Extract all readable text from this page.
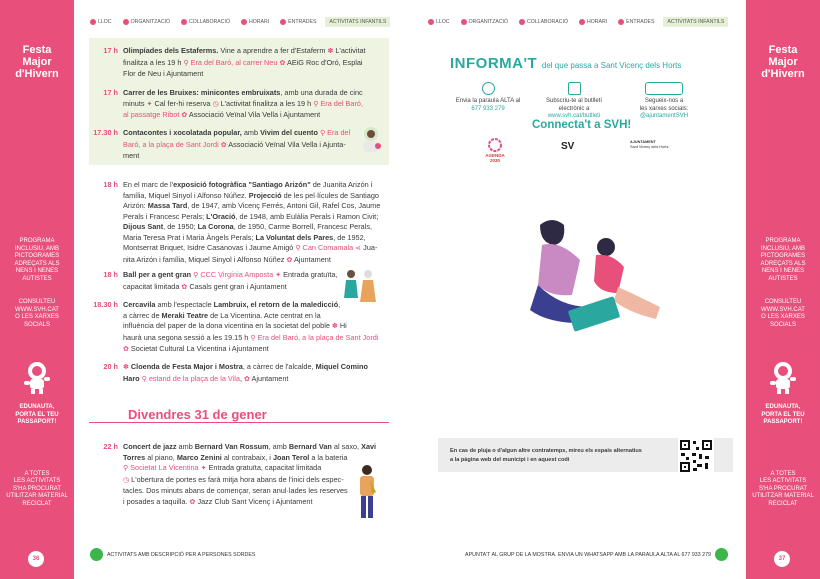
Festa
Major
d'Hivern
PROGRAMA
INCLUSIU, AMB
PICTOGRAMES
ADREÇATS ALS
NENS I NENES
AUTISTES
CONSULTEU
WWW.SVH.CAT
O LES XARXES
SOCIALS
EDUNAUTA,
PORTA EL TEU
PASSAPORT!
A TOTES
LES ACTIVITATS
S'HA PROCURAT
UTILITZAR MATERIAL
RECICLAT
36
LLOC	ORGANITZACIÓ	COLLABORACIÓ	HORARI	ENTRADES	ACTIVITATS INFANTILS
17 h Olimpíades dels Estaferms. Vine a aprendre a fer d'Estaferm ✽ L'activitat
finalitza a les 19 h ⚲ Era del Baró, al carrer Neu ✿ AEiG Roc d'Oró, Esplai
Flor de Neu i Ajuntament
17 h Carrer de les Bruixes: minicontes embruixats, amb una durada de cinc
minuts ✦ Cal fer-hi reserva ◷ L'activitat finalitza a les 19 h ⚲ Era del Baró,
al passatge Ribot ✿ Associació Veïnal Vila Vella i Ajuntament
17.30 h Contacontes i xocolatada popular, amb Vivim del cuento ⚲ Era del
Baró, a la plaça de Sant Jordi ✿ Associació Veïnal Vila Vella i Ajunta-
ment
18 h En el marc de l'exposició fotogràfica "Santiago Arizón" de Juanita Arizón i
família, Miquel Sinyol i Alfonso Núñez. Projecció de les pel·lícules de Santiago
Arizón: Massa Tard, de 1947, amb Vicenç Ferrés, Antoni Gil, Rafel Cos, Jaume
Perals i Francesc Perals; L'Oració, de 1948, amb Eulàlia Perals i Ramon Civit;
Dijous Sant, de 1950; La Corona, de 1950, Carme Borrell, Francesc Perals,
Maria Teresa Prat i Maria Àngels Perals; La Voluntat dels Pares, de 1952,
Montserrat Briquet, Isidre Casanovas i Jaume Amigó ⚲ Can Comamala ⋖ Jua-
nita Arizón i família, Miquel Sinyol i Alfonso Núñez ✿ Ajuntament
18 h Ball per a gent gran ⚲ CCC Virgínia Amposta ✦ Entrada gratuïta,
capacitat limitada ✿ Casals gent gran i Ajuntament
18.30 h Cercavila amb l'espectacle Lambruix, el retorn de la maledicció,
a càrrec de Meraki Teatre de La Vicentina. Acte centrat en la
influència del paper de la dona vicentina en la societat del poble ✽ Hi
haurà una segona sessió a les 19.15 h ⚲ Era del Baró, a la plaça de Sant Jordi
✿ Societat Cultural La Vicentina i Ajuntament
20 h ✽ Cloenda de Festa Major i Mostra, a càrrec de l'alcalde, Miquel Comino
Haro ⚲ estand de la plaça de la Vila, ✿ Ajuntament
Divendres 31 de gener
22 h Concert de jazz amb Bernard Van Rossum, amb Bernard Van al saxo, Xavi
Torres al piano, Marco Zenini al contrabaix, i Joan Terol a la bateria
⚲ Societat La Vicentina ✦ Entrada gratuïta, capacitat limitada
◷ L'obertura de portes es farà mitja hora abans de l'inici dels espec-
tacles. Dos minuts abans de començar, seran anul·lades les reserves
i posades a taquilla. ✿ Jazz Club Sant Vicenç i Ajuntament
ACTIVITATS AMB DESCRIPCIÓ PER A PERSONES SORDES
Festa
Major
d'Hivern
PROGRAMA
INCLUSIU, AMB
PICTOGRAMES
ADREÇATS ALS
NENS I NENES
AUTISTES
CONSULTEU
WWW.SVH.CAT
O LES XARXES
SOCIALS
EDUNAUTA,
PORTA EL TEU
PASSAPORT!
A TOTES
LES ACTIVITATS
S'HA PROCURAT
UTILITZAR MATERIAL
RECICLAT
37
LLOC	ORGANITZACIÓ	COLLABORACIÓ	HORARI	ENTRADES	ACTIVITATS INFANTILS
APUNTA'T AL GRUP DE LA MOSTRA. ENVIA UN WHATSAPP AMB LA PARAULA ALTA AL 677 933 279
INFORMA'T del que passa a Sant Vicenç dels Horts
Envia la paraula ALTA al
677 933 279
Subscriu-te al butlletí
electrònic a
www.svh.cat/butlleti
Segueix-nos a
les xarxes socials:
@ajuntamentSVH
Connecta't a SVH!
AGENDA 2030
SV	AJUNTAMENT
Sant Vicenç dels Horts
En cas de pluja o d'algun altre contratemps, mireu els espais alternatius
a la pàgina web del municipi i en aquest codi
